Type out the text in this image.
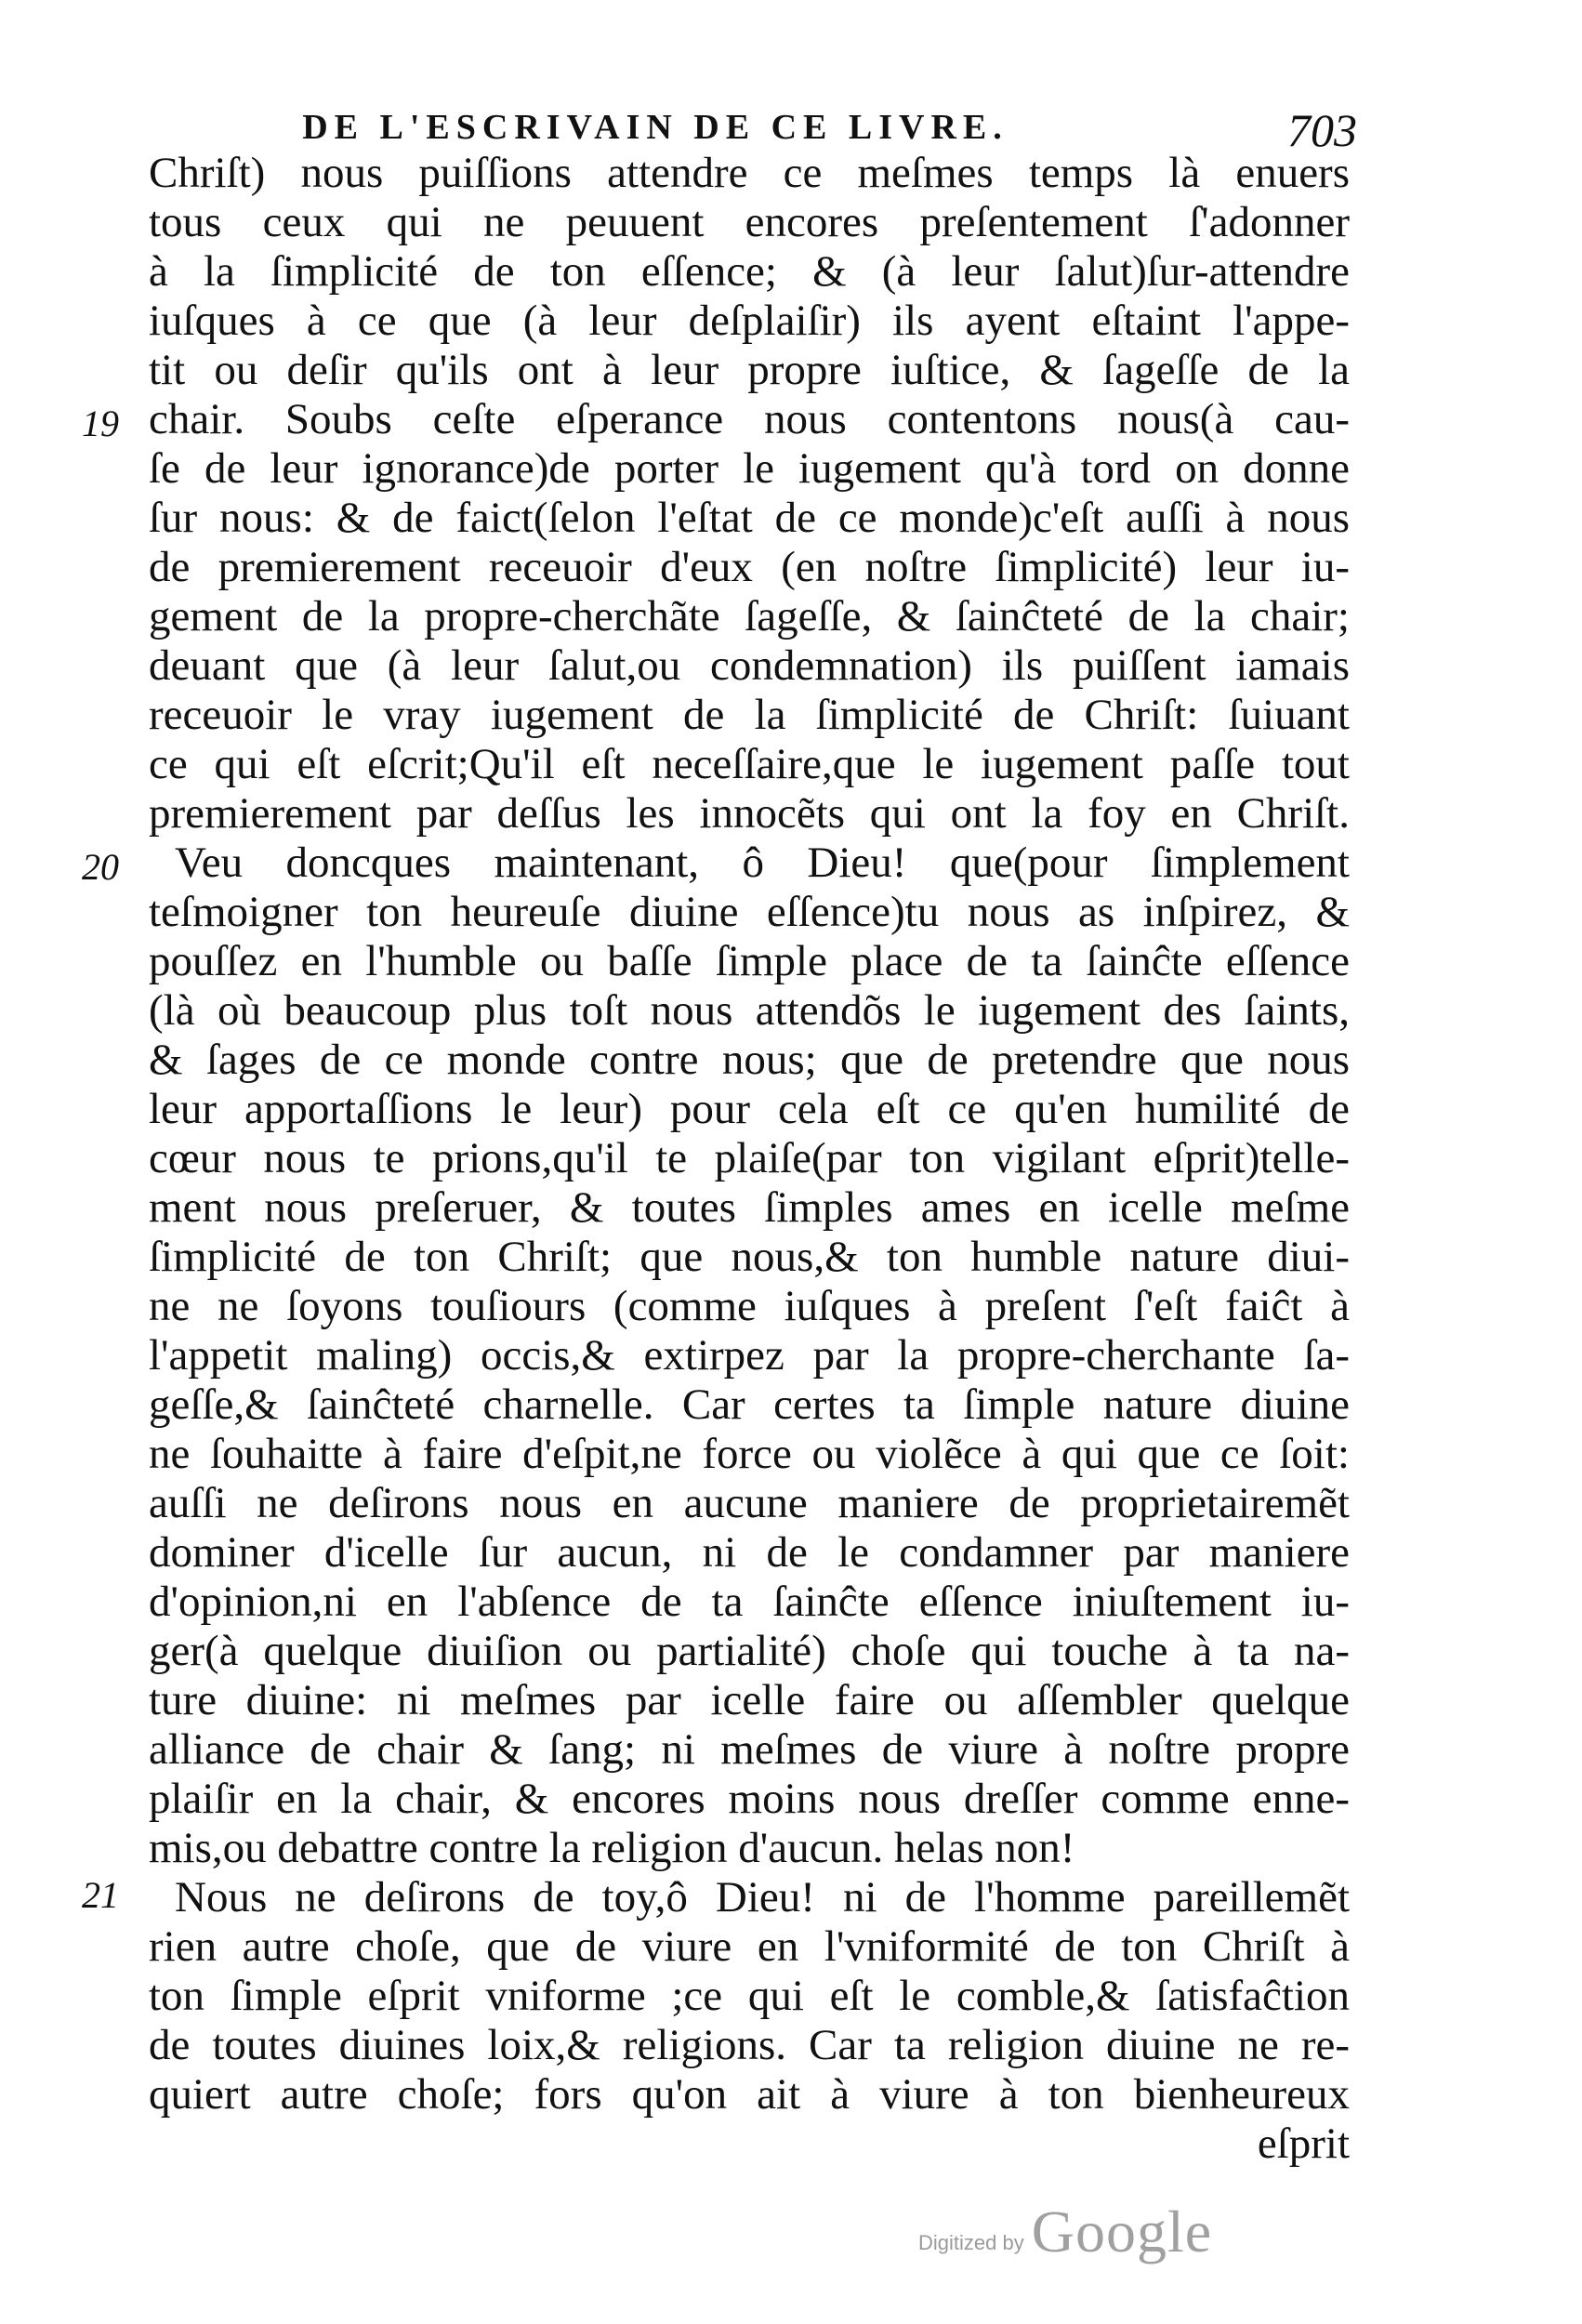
DE L'ESCRIVAIN DE CE LIVRE.	703
19
20
21
Chriſt) nous puiſſions attendre ce meſmes temps là enuers
tous ceux qui ne peuuent encores preſentement ſ'adonner
à la ſimplicité de ton eſſence; & (à leur ſalut)ſur-attendre
iuſques à ce que (à leur deſplaiſir) ils ayent eſtaint l'appe-
tit ou deſir qu'ils ont à leur propre iuſtice, & ſageſſe de la
chair. Soubs ceſte eſperance nous contentons nous(à cau-
ſe de leur ignorance)de porter le iugement qu'à tord on donne
ſur nous: & de faict(ſelon l'eſtat de ce monde)c'eſt auſſi à nous
de premierement receuoir d'eux (en noſtre ſimplicité) leur iu-
gement de la propre-cherchãte ſageſſe, & ſainĉteté de la chair;
deuant que (à leur ſalut,ou condemnation) ils puiſſent iamais
receuoir le vray iugement de la ſimplicité de Chriſt: ſuiuant
ce qui eſt eſcrit;Qu'il eſt neceſſaire,que le iugement paſſe tout
premierement par deſſus les innocẽts qui ont la foy en Chriſt.
Veu doncques maintenant, ô Dieu! que(pour ſimplement
teſmoigner ton heureuſe diuine eſſence)tu nous as inſpirez, &
pouſſez en l'humble ou baſſe ſimple place de ta ſainĉte eſſence
(là où beaucoup plus toſt nous attendõs le iugement des ſaints,
& ſages de ce monde contre nous; que de pretendre que nous
leur apportaſſions le leur) pour cela eſt ce qu'en humilité de
cœur nous te prions,qu'il te plaiſe(par ton vigilant eſprit)telle-
ment nous preſeruer, & toutes ſimples ames en icelle meſme
ſimplicité de ton Chriſt; que nous,& ton humble nature diui-
ne ne ſoyons touſiours (comme iuſques à preſent ſ'eſt faiĉt à
l'appetit maling) occis,& extirpez par la propre-cherchante ſa-
geſſe,& ſainĉteté charnelle. Car certes ta ſimple nature diuine
ne ſouhaitte à faire d'eſpit,ne force ou violẽce à qui que ce ſoit:
auſſi ne deſirons nous en aucune maniere de proprietairemẽt
dominer d'icelle ſur aucun, ni de le condamner par maniere
d'opinion,ni en l'abſence de ta ſainĉte eſſence iniuſtement iu-
ger(à quelque diuiſion ou partialité) choſe qui touche à ta na-
ture diuine: ni meſmes par icelle faire ou aſſembler quelque
alliance de chair & ſang; ni meſmes de viure à noſtre propre
plaiſir en la chair, & encores moins nous dreſſer comme enne-
mis,ou debattre contre la religion d'aucun. helas non!
Nous ne deſirons de toy,ô Dieu! ni de l'homme pareillemẽt
rien autre choſe, que de viure en l'vniformité de ton Chriſt à
ton ſimple eſprit vniforme ;ce qui eſt le comble,& ſatisfaĉtion
de toutes diuines loix,& religions. Car ta religion diuine ne re-
quiert autre choſe; fors qu'on ait à viure à ton bienheureux
eſprit
Digitized by Google
